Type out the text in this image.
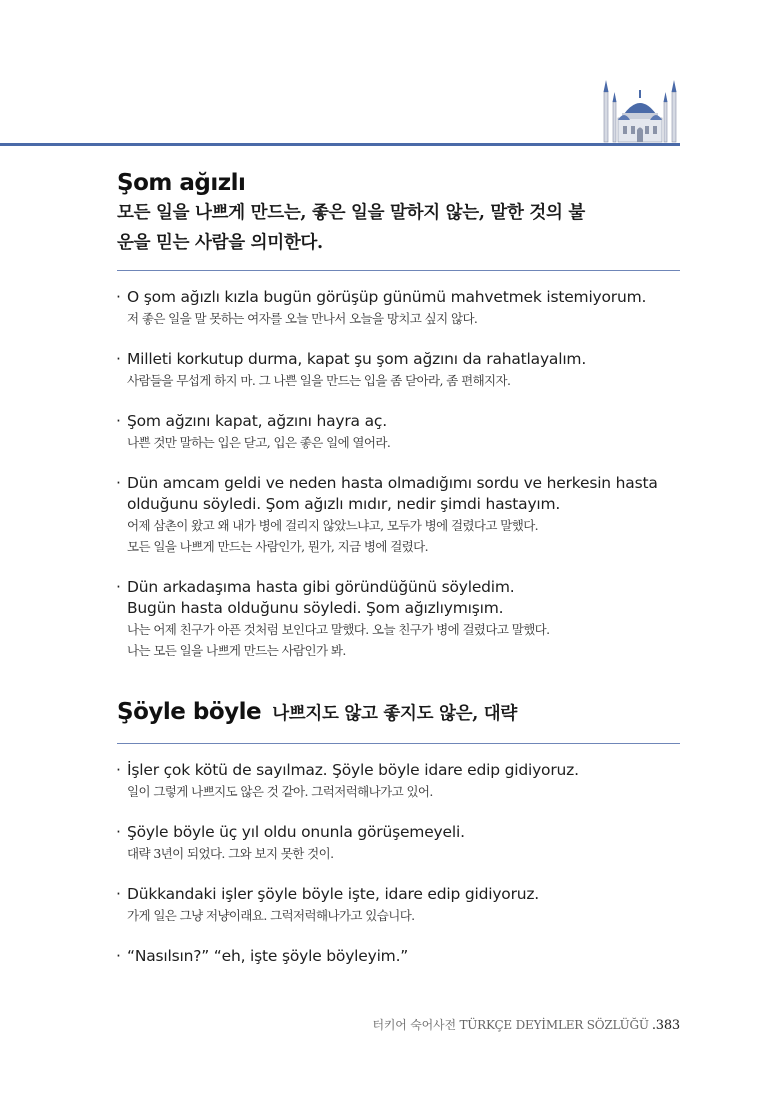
Şom ağızlı
모든 일을 나쁘게 만드는, 좋은 일을 말하지 않는, 말한 것의 불
운을 믿는 사람을 의미한다.
· O şom ağızlı kızla bugün görüşüp günümü mahvetmek istemiyorum.
저 좋은 일을 말 못하는 여자를 오늘 만나서 오늘을 망치고 싶지 않다.
· Milleti korkutup durma, kapat şu şom ağzını da rahatlayalım.
사람들을 무섭게 하지 마. 그 나쁜 일을 만드는 입을 좀 닫아라, 좀 편해지자.
· Şom ağzını kapat, ağzını hayra aç.
나쁜 것만 말하는 입은 닫고, 입은 좋은 일에 열어라.
· Dün amcam geldi ve neden hasta olmadığımı sordu ve herkesin hasta
olduğunu söyledi. Şom ağızlı mıdır, nedir şimdi hastayım.
어제 삼촌이 왔고 왜 내가 병에 걸리지 않았느냐고, 모두가 병에 걸렸다고 말했다.
모든 일을 나쁘게 만드는 사람인가, 뭔가, 지금 병에 걸렸다.
· Dün arkadaşıma hasta gibi göründüğünü söyledim.
Bugün hasta olduğunu söyledi. Şom ağızlıymışım.
나는 어제 친구가 아픈 것처럼 보인다고 말했다. 오늘 친구가 병에 걸렸다고 말했다.
나는 모든 일을 나쁘게 만드는 사람인가 봐.
Şöyle böyle 나쁘지도 않고 좋지도 않은, 대략
· İşler çok kötü de sayılmaz. Şöyle böyle idare edip gidiyoruz.
일이 그렇게 나쁘지도 않은 것 같아. 그럭저럭해나가고 있어.
· Şöyle böyle üç yıl oldu onunla görüşemeyeli.
대략 3년이 되었다. 그와 보지 못한 것이.
· Dükkandaki işler şöyle böyle işte, idare edip gidiyoruz.
가게 일은 그냥 저냥이래요. 그럭저럭해나가고 있습니다.
· “Nasılsın?” “eh, işte şöyle böyleyim.”
터키어 숙어사전 TÜRKÇE DEYİMLER SÖZLÜĞÜ .383
